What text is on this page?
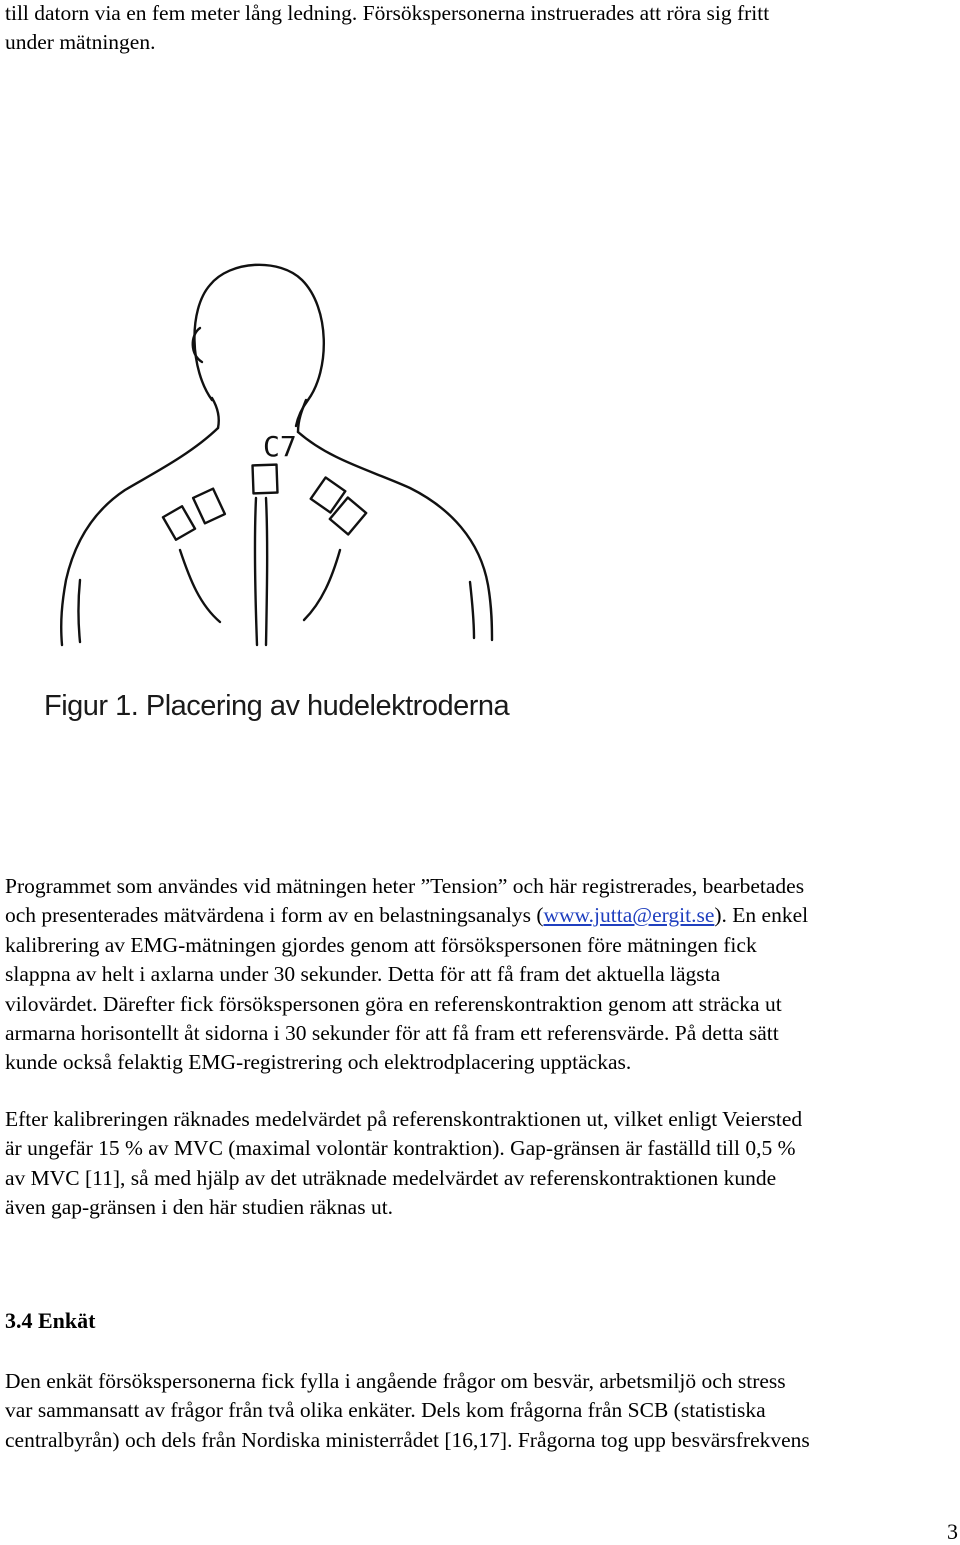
till datorn via en fem meter lång ledning. Försökspersonerna instruerades att röra sig fritt
under mätningen.
C7
Figur 1. Placering av hudelektroderna
Programmet som användes vid mätningen heter ”Tension” och här registrerades, bearbetades
och presenterades mätvärdena i form av en belastningsanalys (www.jutta@ergit.se). En enkel
kalibrering av EMG-mätningen gjordes genom att försökspersonen före mätningen fick
slappna av helt i axlarna under 30 sekunder. Detta för att få fram det aktuella lägsta
vilovärdet. Därefter fick försökspersonen göra en referenskontraktion genom att sträcka ut
armarna horisontellt åt sidorna i 30 sekunder för att få fram ett referensvärde. På detta sätt
kunde också felaktig EMG-registrering och elektrodplacering upptäckas.
Efter kalibreringen räknades medelvärdet på referenskontraktionen ut, vilket enligt Veiersted
är ungefär 15 % av MVC (maximal volontär kontraktion). Gap-gränsen är faställd till 0,5 %
av MVC [11], så med hjälp av det uträknade medelvärdet av referenskontraktionen kunde
även gap-gränsen i den här studien räknas ut.
3.4 Enkät
Den enkät försökspersonerna fick fylla i angående frågor om besvär, arbetsmiljö och stress
var sammansatt av frågor från två olika enkäter. Dels kom frågorna från SCB (statistiska
centralbyrån) och dels från Nordiska ministerrådet [16,17]. Frågorna tog upp besvärsfrekvens
3
